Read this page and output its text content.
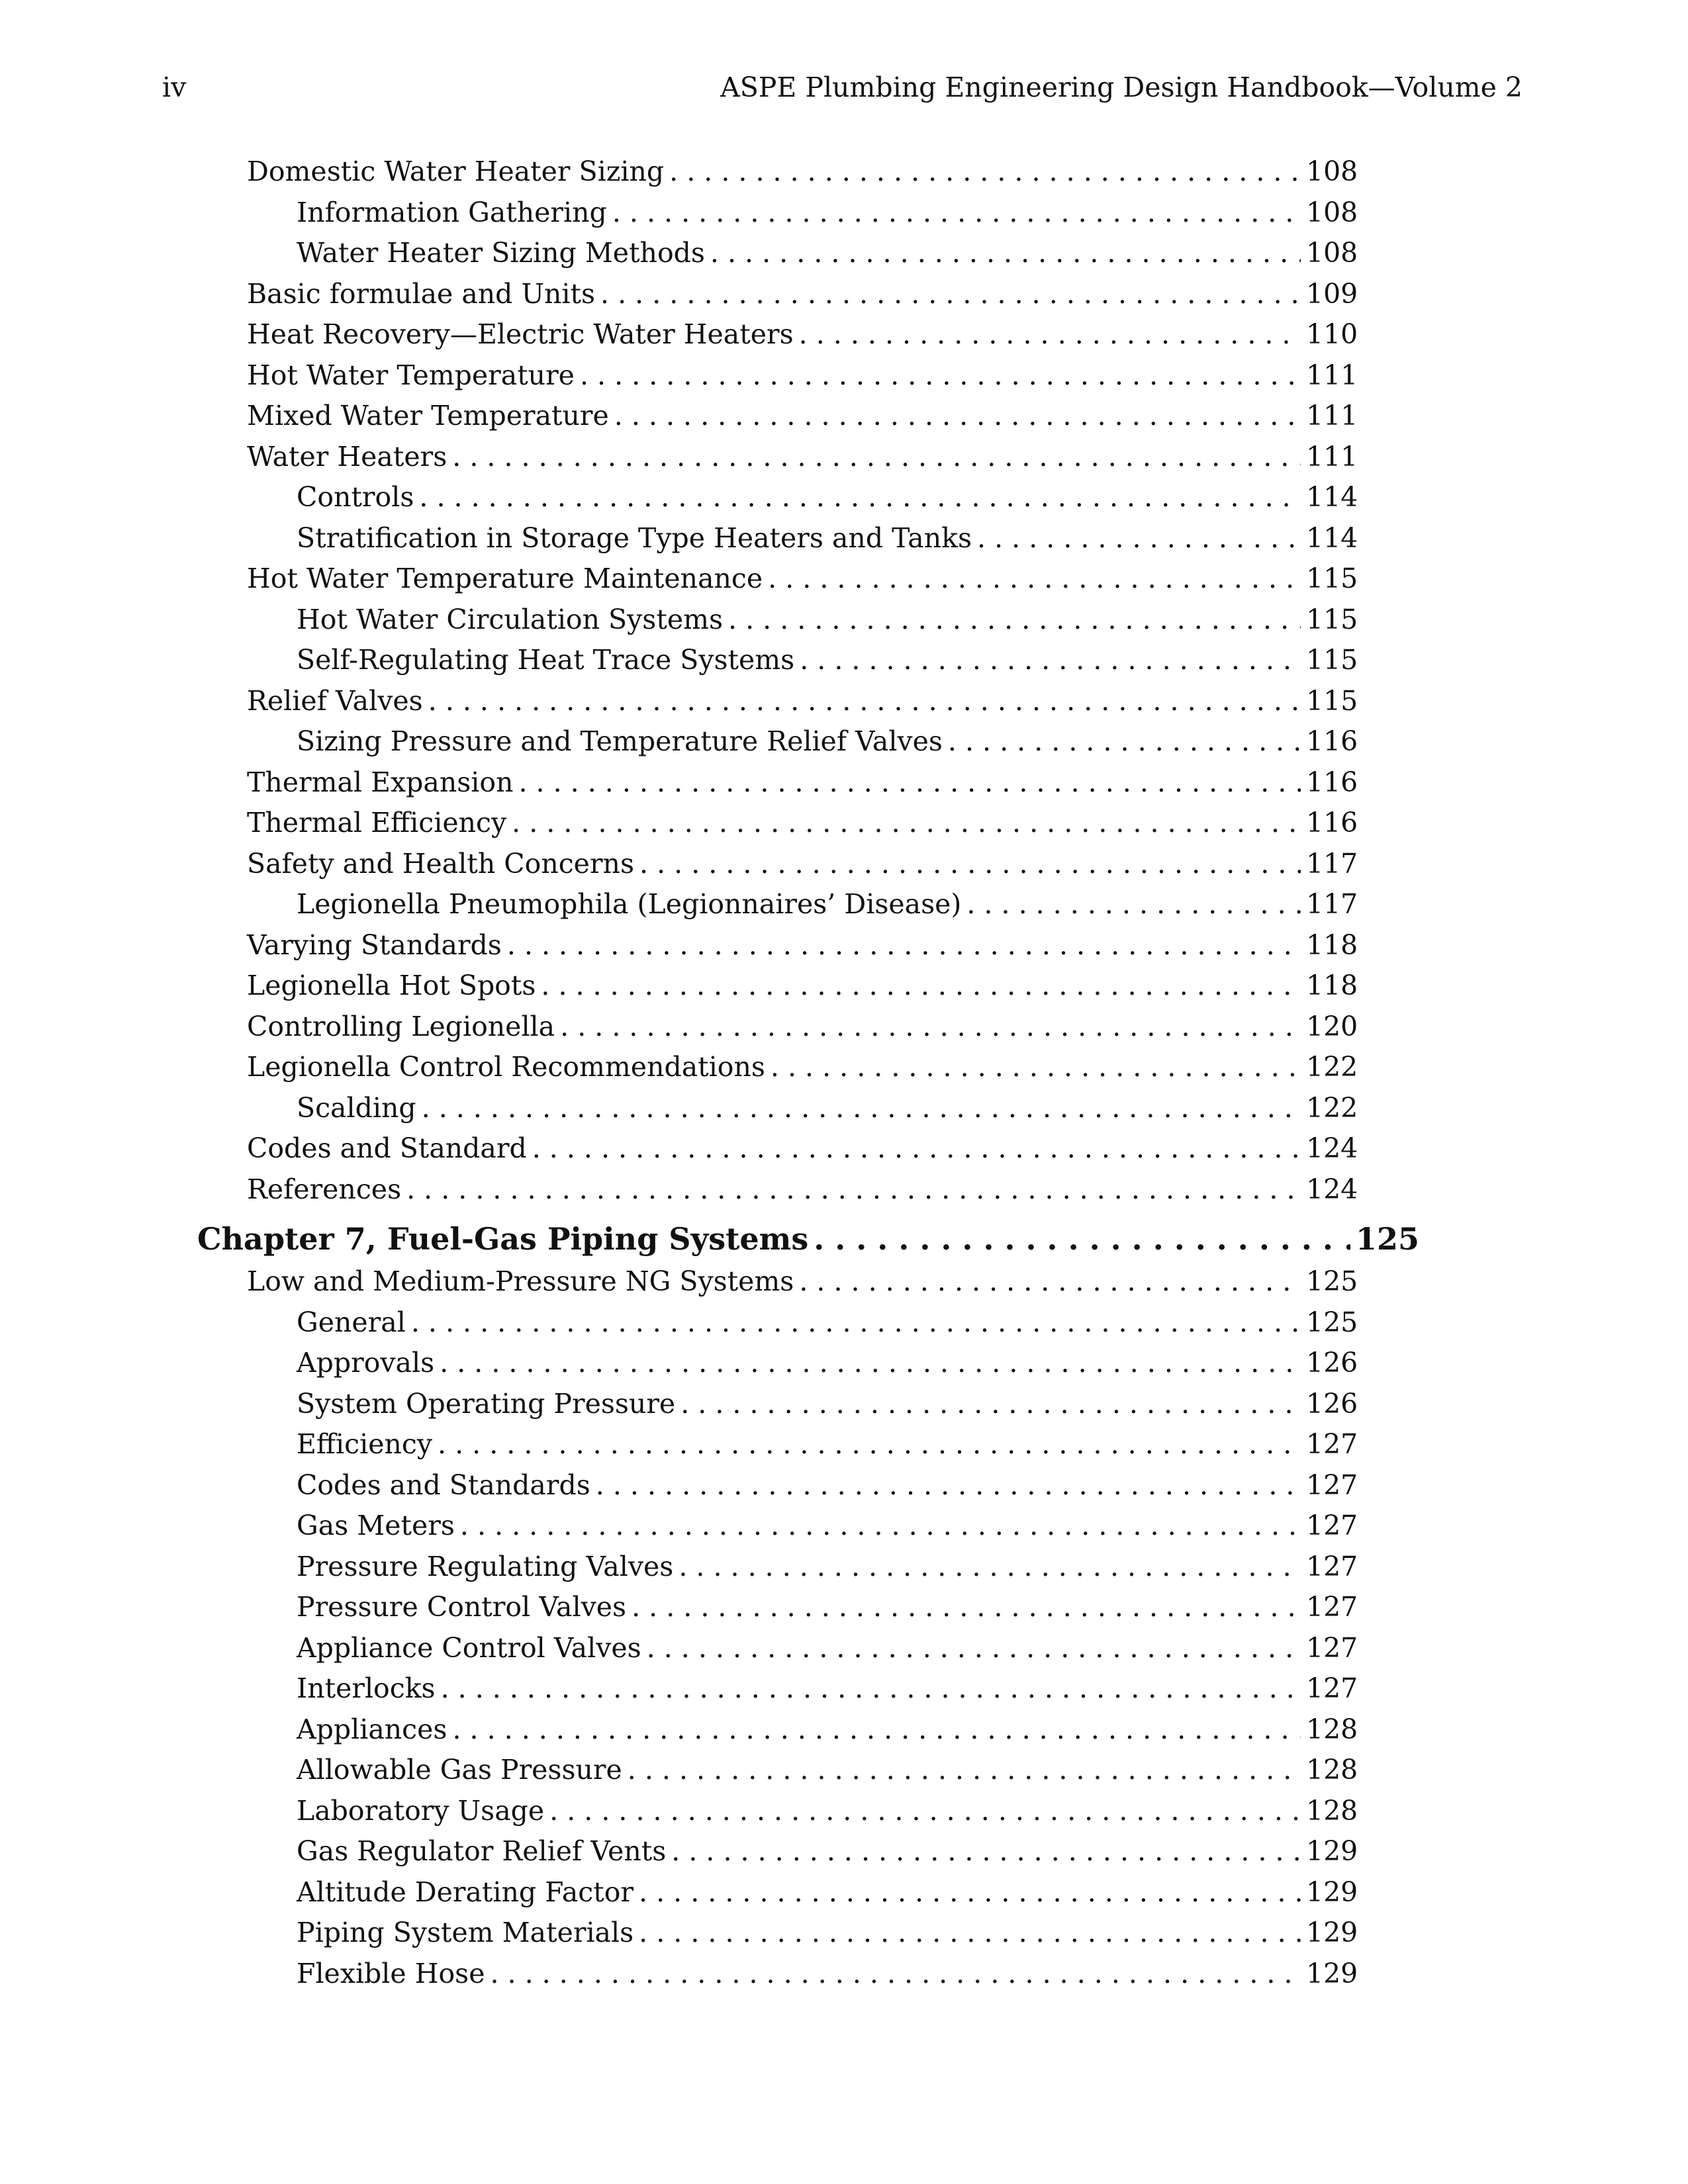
iv	ASPE Plumbing Engineering Design Handbook—Volume 2
Domestic Water Heater Sizing . . .	108
Information Gathering . . .	108
Water Heater Sizing Methods . . .	108
Basic formulae and Units . . .	109
Heat Recovery—Electric Water Heaters . . .	110
Hot Water Temperature . . .	111
Mixed Water Temperature . . .	111
Water Heaters . . .	111
Controls . . .	114
Stratification in Storage Type Heaters and Tanks . . .	114
Hot Water Temperature Maintenance . . .	115
Hot Water Circulation Systems . . .	115
Self-Regulating Heat Trace Systems . . .	115
Relief Valves . . .	115
Sizing Pressure and Temperature Relief Valves . . .	116
Thermal Expansion . . .	116
Thermal Efficiency . . .	116
Safety and Health Concerns . . .	117
Legionella Pneumophila (Legionnaires’ Disease) . . .	117
Varying Standards . . .	118
Legionella Hot Spots . . .	118
Controlling Legionella . . .	120
Legionella Control Recommendations . . .	122
Scalding . . .	122
Codes and Standard . . .	124
References . . .	124
Chapter 7, Fuel-Gas Piping Systems . . .	125
Low and Medium-Pressure NG Systems . . .	125
General . . .	125
Approvals . . .	126
System Operating Pressure . . .	126
Efficiency . . .	127
Codes and Standards . . .	127
Gas Meters . . .	127
Pressure Regulating Valves . . .	127
Pressure Control Valves . . .	127
Appliance Control Valves . . .	127
Interlocks . . .	127
Appliances . . .	128
Allowable Gas Pressure . . .	128
Laboratory Usage . . .	128
Gas Regulator Relief Vents . . .	129
Altitude Derating Factor . . .	129
Piping System Materials . . .	129
Flexible Hose . . .	129
